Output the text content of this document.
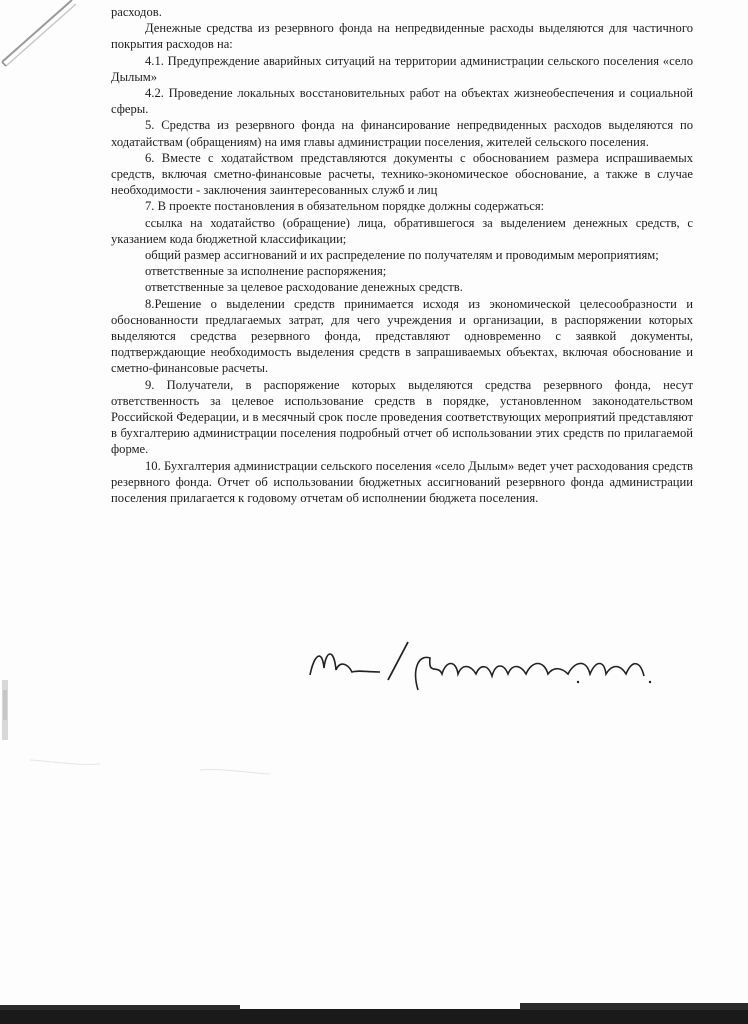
расходов.

Денежные средства из резервного фонда на непредвиденные расходы выделяются для частичного покрытия расходов на:

4.1. Предупреждение аварийных ситуаций на территории администрации сельского поселения «село Дылым»

4.2. Проведение локальных восстановительных работ на объектах жизнеобеспечения и социальной сферы.

5. Средства из резервного фонда на финансирование непредвиденных расходов выделяются по ходатайствам (обращениям) на имя главы администрации поселения, жителей сельского поселения.

6. Вместе с ходатайством представляются документы с обоснованием размера испрашиваемых средств, включая сметно-финансовые расчеты, технико-экономическое обоснование, а также в случае необходимости - заключения заинтересованных служб и лиц

7. В проекте постановления в обязательном порядке должны содержаться:

ссылка на ходатайство (обращение) лица, обратившегося за выделением денежных средств, с указанием кода бюджетной классификации;

общий размер ассигнований и их распределение по получателям и проводимым мероприятиям;

ответственные за исполнение распоряжения;

ответственные за целевое расходование денежных средств.

8.Решение о выделении средств принимается исходя из экономической целесообразности и обоснованности предлагаемых затрат, для чего учреждения и организации, в распоряжении которых выделяются средства резервного фонда, представляют одновременно с заявкой документы, подтверждающие необходимость выделения средств в запрашиваемых объектах, включая обоснование и сметно-финансовые расчеты.

9. Получатели, в распоряжение которых выделяются средства резервного фонда, несут ответственность за целевое использование средств в порядке, установленном законодательством Российской Федерации, и в месячный срок после проведения соответствующих мероприятий представляют в бухгалтерию администрации поселения подробный отчет об использовании этих средств по прилагаемой форме.

10. Бухгалтерия администрации сельского поселения «село Дылым» ведет учет расходования средств резервного фонда. Отчет об использовании бюджетных ассигнований резервного фонда администрации поселения прилагается к годовому отчетам об исполнении бюджета поселения.
